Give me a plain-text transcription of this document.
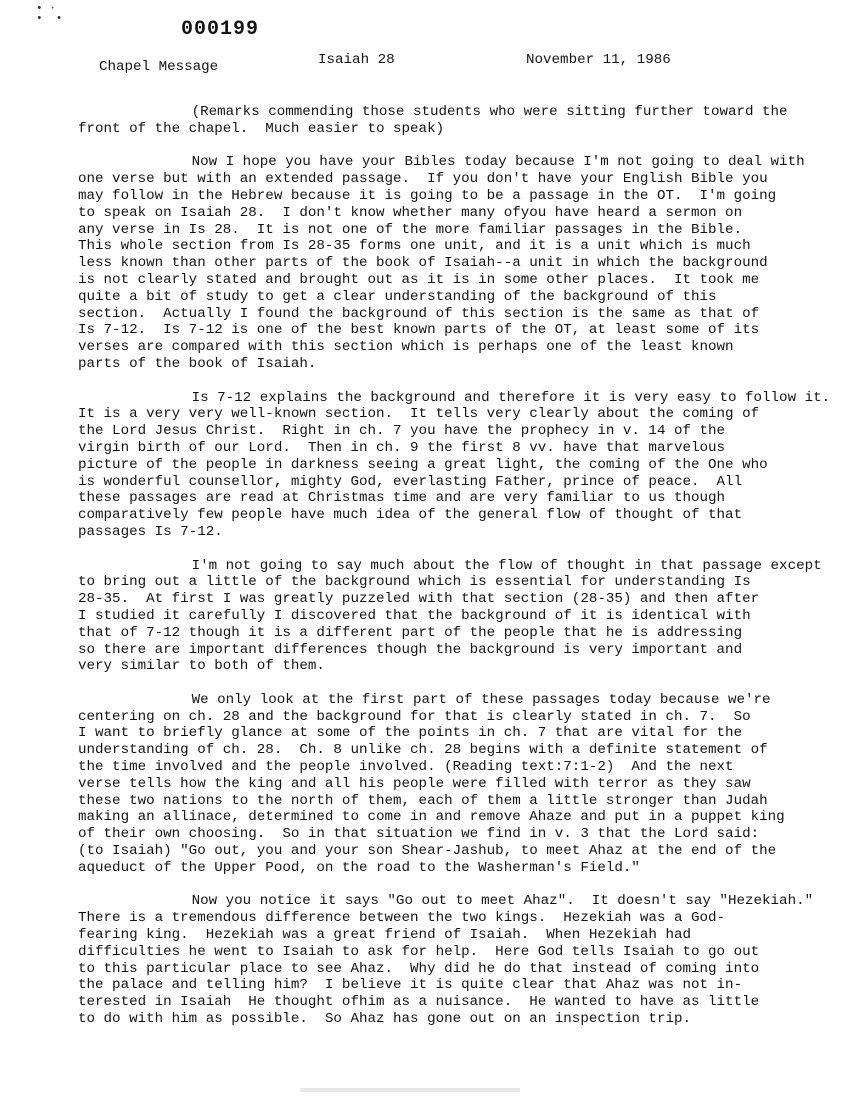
• ·
•  •	000199
Chapel Message	Isaiah 28	November 11, 1986
(Remarks commending those students who were sitting further toward the
front of the chapel.  Much easier to speak)
Now I hope you have your Bibles today because I'm not going to deal with
one verse but with an extended passage.  If you don't have your English Bible you
may follow in the Hebrew because it is going to be a passage in the OT.  I'm going
to speak on Isaiah 28.  I don't know whether many ofyou have heard a sermon on
any verse in Is 28.  It is not one of the more familiar passages in the Bible.
This whole section from Is 28-35 forms one unit, and it is a unit which is much
less known than other parts of the book of Isaiah--a unit in which the background
is not clearly stated and brought out as it is in some other places.  It took me
quite a bit of study to get a clear understanding of the background of this
section.  Actually I found the background of this section is the same as that of
Is 7-12.  Is 7-12 is one of the best known parts of the OT, at least some of its
verses are compared with this section which is perhaps one of the least known
parts of the book of Isaiah.
Is 7-12 explains the background and therefore it is very easy to follow it.
It is a very very well-known section.  It tells very clearly about the coming of
the Lord Jesus Christ.  Right in ch. 7 you have the prophecy in v. 14 of the
virgin birth of our Lord.  Then in ch. 9 the first 8 vv. have that marvelous
picture of the people in darkness seeing a great light, the coming of the One who
is wonderful counsellor, mighty God, everlasting Father, prince of peace.  All
these passages are read at Christmas time and are very familiar to us though
comparatively few people have much idea of the general flow of thought of that
passages Is 7-12.
I'm not going to say much about the flow of thought in that passage except
to bring out a little of the background which is essential for understanding Is
28-35.  At first I was greatly puzzeled with that section (28-35) and then after
I studied it carefully I discovered that the background of it is identical with
that of 7-12 though it is a different part of the people that he is addressing
so there are important differences though the background is very important and
very similar to both of them.
We only look at the first part of these passages today because we're
centering on ch. 28 and the background for that is clearly stated in ch. 7.  So
I want to briefly glance at some of the points in ch. 7 that are vital for the
understanding of ch. 28.  Ch. 8 unlike ch. 28 begins with a definite statement of
the time involved and the people involved. (Reading text:7:1-2)  And the next
verse tells how the king and all his people were filled with terror as they saw
these two nations to the north of them, each of them a little stronger than Judah
making an allinace, determined to come in and remove Ahaze and put in a puppet king
of their own choosing.  So in that situation we find in v. 3 that the Lord said:
(to Isaiah) "Go out, you and your son Shear-Jashub, to meet Ahaz at the end of the
aqueduct of the Upper Pood, on the road to the Washerman's Field."
Now you notice it says "Go out to meet Ahaz".  It doesn't say "Hezekiah."
There is a tremendous difference between the two kings.  Hezekiah was a God-
fearing king.  Hezekiah was a great friend of Isaiah.  When Hezekiah had
difficulties he went to Isaiah to ask for help.  Here God tells Isaiah to go out
to this particular place to see Ahaz.  Why did he do that instead of coming into
the palace and telling him?  I believe it is quite clear that Ahaz was not in-
terested in Isaiah  He thought ofhim as a nuisance.  He wanted to have as little
to do with him as possible.  So Ahaz has gone out on an inspection trip.
